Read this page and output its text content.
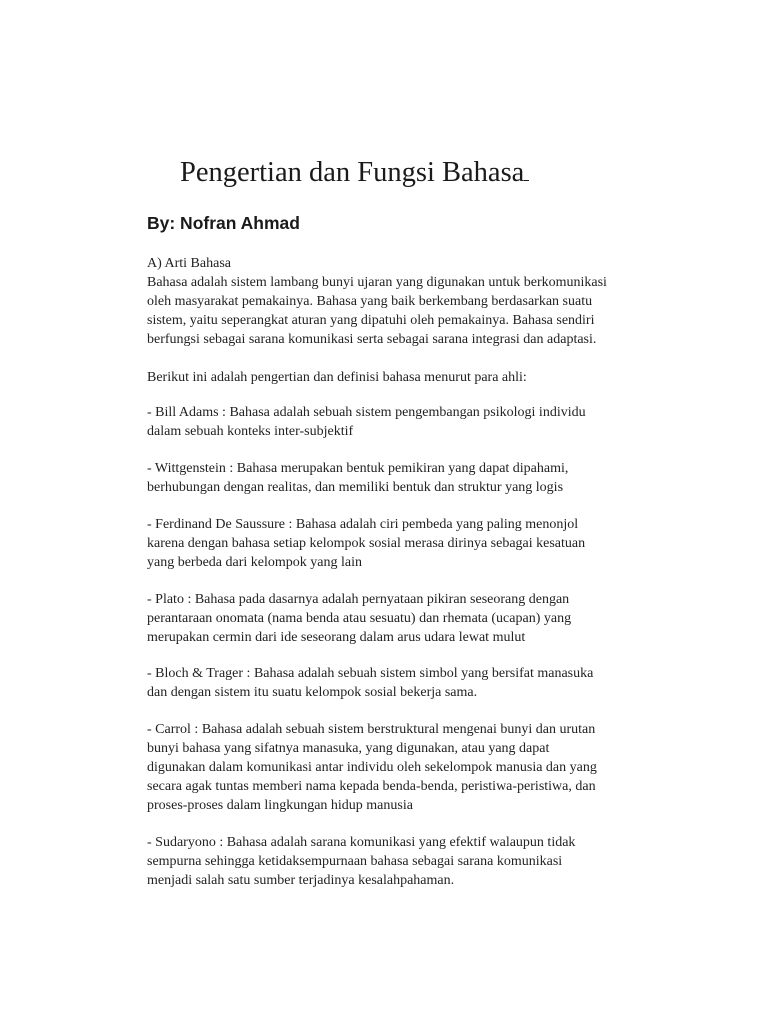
Pengertian dan Fungsi Bahasa

By: Nofran Ahmad

A) Arti Bahasa
Bahasa adalah sistem lambang bunyi ujaran yang digunakan untuk berkomunikasi
oleh masyarakat pemakainya. Bahasa yang baik berkembang berdasarkan suatu
sistem, yaitu seperangkat aturan yang dipatuhi oleh pemakainya. Bahasa sendiri
berfungsi sebagai sarana komunikasi serta sebagai sarana integrasi dan adaptasi.
Berikut ini adalah pengertian dan definisi bahasa menurut para ahli:
- Bill Adams : Bahasa adalah sebuah sistem pengembangan psikologi individu
dalam sebuah konteks inter-subjektif
- Wittgenstein : Bahasa merupakan bentuk pemikiran yang dapat dipahami,
berhubungan dengan realitas, dan memiliki bentuk dan struktur yang logis
- Ferdinand De Saussure : Bahasa adalah ciri pembeda yang paling menonjol
karena dengan bahasa setiap kelompok sosial merasa dirinya sebagai kesatuan
yang berbeda dari kelompok yang lain
- Plato : Bahasa pada dasarnya adalah pernyataan pikiran seseorang dengan
perantaraan onomata (nama benda atau sesuatu) dan rhemata (ucapan) yang
merupakan cermin dari ide seseorang dalam arus udara lewat mulut
- Bloch & Trager : Bahasa adalah sebuah sistem simbol yang bersifat manasuka
dan dengan sistem itu suatu kelompok sosial bekerja sama.
- Carrol : Bahasa adalah sebuah sistem berstruktural mengenai bunyi dan urutan
bunyi bahasa yang sifatnya manasuka, yang digunakan, atau yang dapat
digunakan dalam komunikasi antar individu oleh sekelompok manusia dan yang
secara agak tuntas memberi nama kepada benda-benda, peristiwa-peristiwa, dan
proses-proses dalam lingkungan hidup manusia
- Sudaryono : Bahasa adalah sarana komunikasi yang efektif walaupun tidak
sempurna sehingga ketidaksempurnaan bahasa sebagai sarana komunikasi
menjadi salah satu sumber terjadinya kesalahpahaman.
